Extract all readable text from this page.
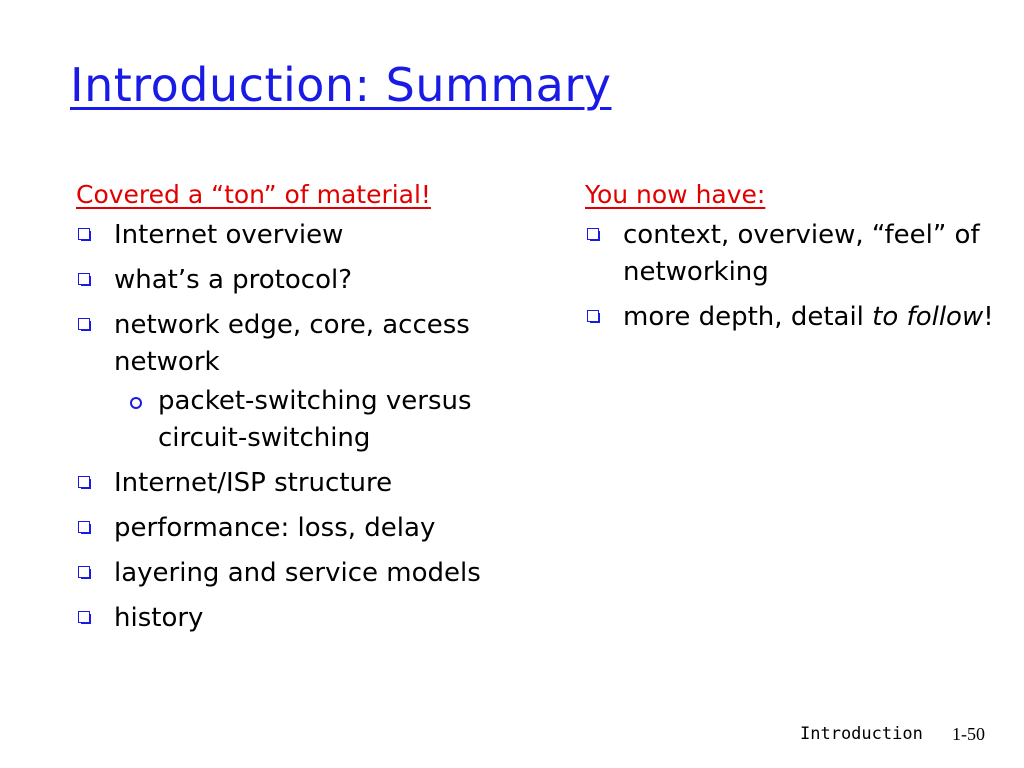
Introduction: Summary
Covered a “ton” of material!
Internet overview
what’s a protocol?
network edge, core, access network
packet-switching versus circuit-switching
Internet/ISP structure
performance: loss, delay
layering and service models
history
You now have:
context, overview, “feel” of networking
more depth, detail to follow!
Introduction 1-50
